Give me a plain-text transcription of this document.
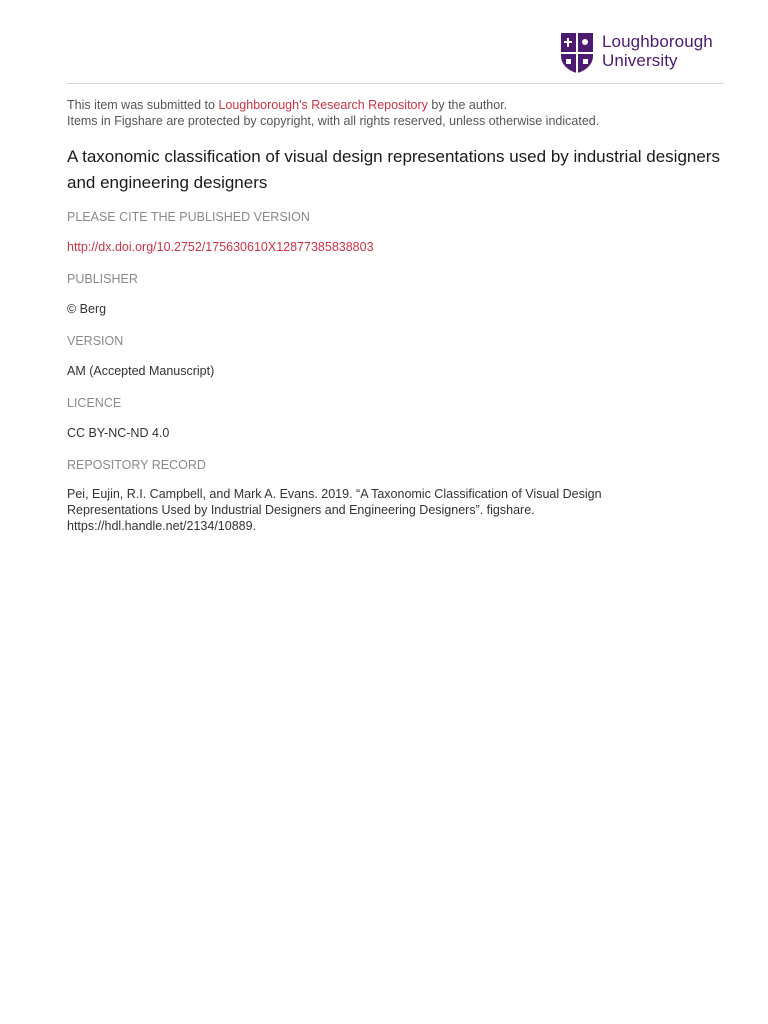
Loughborough
University
This item was submitted to Loughborough's Research Repository by the author.
Items in Figshare are protected by copyright, with all rights reserved, unless otherwise indicated.
A taxonomic classification of visual design representations used by industrial designers and engineering designers
PLEASE CITE THE PUBLISHED VERSION
http://dx.doi.org/10.2752/175630610X12877385838803
PUBLISHER
© Berg
VERSION
AM (Accepted Manuscript)
LICENCE
CC BY-NC-ND 4.0
REPOSITORY RECORD
Pei, Eujin, R.I. Campbell, and Mark A. Evans. 2019. “A Taxonomic Classification of Visual Design Representations Used by Industrial Designers and Engineering Designers”. figshare. https://hdl.handle.net/2134/10889.
